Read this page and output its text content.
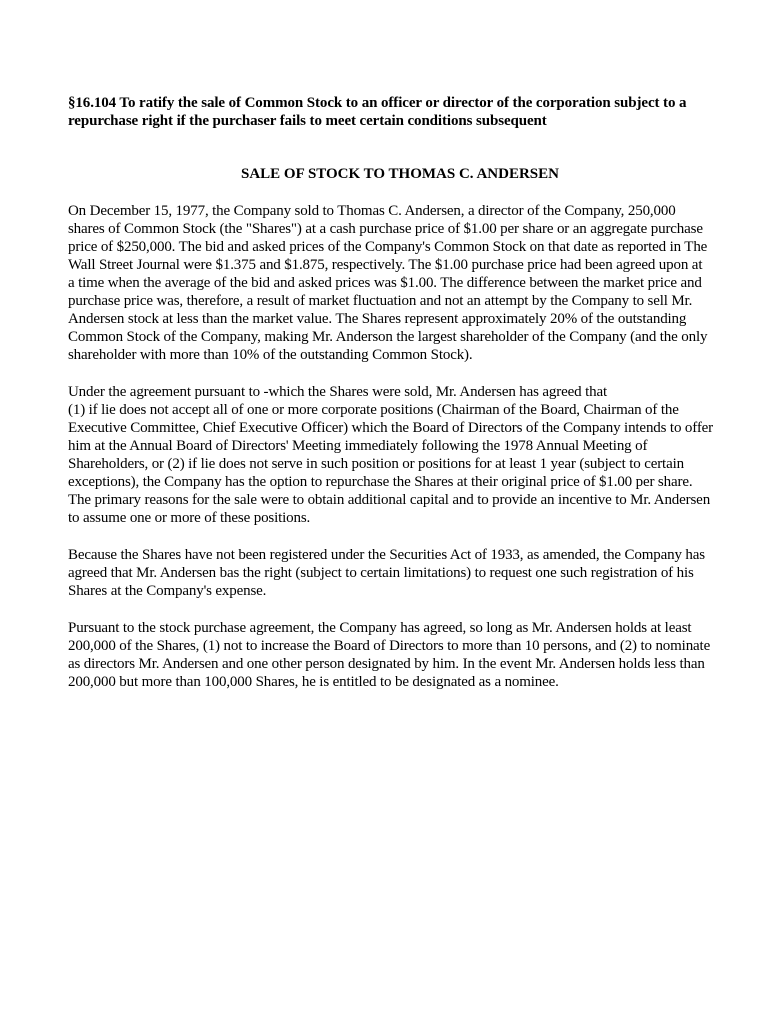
§16.104 To ratify the sale of Common Stock to an officer or director of the corporation subject to a
repurchase right if the purchaser fails to meet certain conditions subsequent
SALE OF STOCK TO THOMAS C. ANDERSEN
On December 15, 1977, the Company sold to Thomas C. Andersen, a director of the Company, 250,000
shares of Common Stock (the "Shares") at a cash purchase price of $1.00 per share or an aggregate purchase
price of $250,000. The bid and asked prices of the Company's Common Stock on that date as reported in The
Wall Street Journal were $1.375 and $1.875, respectively. The $1.00 purchase price had been agreed upon at
a time when the average of the bid and asked prices was $1.00. The difference between the market price and
purchase price was, therefore, a result of market fluctuation and not an attempt by the Company to sell Mr.
Andersen stock at less than the market value. The Shares represent approximately 20% of the outstanding
Common Stock of the Company, making Mr. Anderson the largest shareholder of the Company (and the only
shareholder with more than 10% of the outstanding Common Stock).
Under the agreement pursuant to -which the Shares were sold, Mr. Andersen has agreed that
(1) if lie does not accept all of one or more corporate positions (Chairman of the Board, Chairman of the
Executive Committee, Chief Executive Officer) which the Board of Directors of the Company intends to offer
him at the Annual Board of Directors' Meeting immediately following the 1978 Annual Meeting of
Shareholders, or (2) if lie does not serve in such position or positions for at least 1 year (subject to certain
exceptions), the Company has the option to repurchase the Shares at their original price of $1.00 per share.
The primary reasons for the sale were to obtain additional capital and to provide an incentive to Mr. Andersen
to assume one or more of these positions.
Because the Shares have not been registered under the Securities Act of 1933, as amended, the Company has
agreed that Mr. Andersen bas the right (subject to certain limitations) to request one such registration of his
Shares at the Company's expense.
Pursuant to the stock purchase agreement, the Company has agreed, so long as Mr. Andersen holds at least
200,000 of the Shares, (1) not to increase the Board of Directors to more than 10 persons, and (2) to nominate
as directors Mr. Andersen and one other person designated by him. In the event Mr. Andersen holds less than
200,000 but more than 100,000 Shares, he is entitled to be designated as a nominee.
